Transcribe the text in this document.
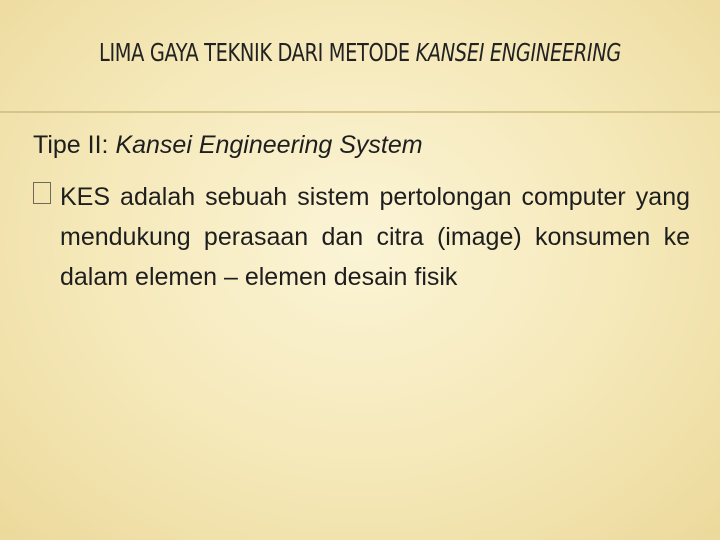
LIMA GAYA TEKNIK DARI METODE KANSEI ENGINEERING
Tipe II: Kansei Engineering System
KES adalah sebuah sistem pertolongan computer yang mendukung perasaan dan citra (image) konsumen ke dalam elemen – elemen desain fisik
